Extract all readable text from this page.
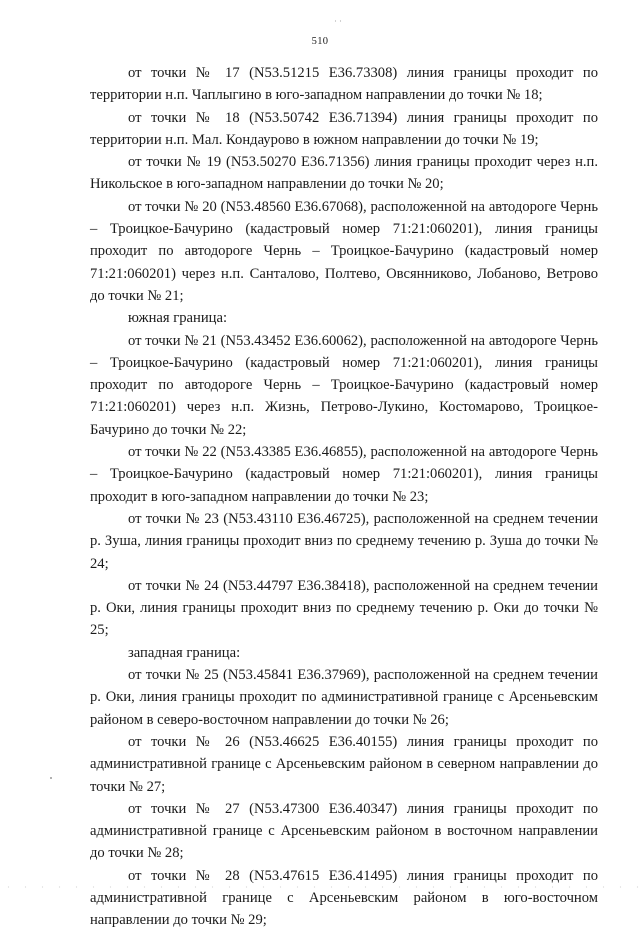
510

от точки № 17 (N53.51215 E36.73308) линия границы проходит по территории н.п. Чаплыгино в юго-западном направлении до точки № 18;

от точки № 18 (N53.50742 E36.71394) линия границы проходит по территории н.п. Мал. Кондаурово в южном направлении до точки № 19;

от точки № 19 (N53.50270 E36.71356) линия границы проходит через н.п. Никольское в юго-западном направлении до точки № 20;

от точки № 20 (N53.48560 E36.67068), расположенной на автодороге Чернь – Троицкое-Бачурино (кадастровый номер 71:21:060201), линия границы проходит по автодороге Чернь – Троицкое-Бачурино (кадастровый номер 71:21:060201) через н.п. Санталово, Полтево, Овсянниково, Лобаново, Ветрово до точки № 21;

южная граница:

от точки № 21 (N53.43452 E36.60062), расположенной на автодороге Чернь – Троицкое-Бачурино (кадастровый номер 71:21:060201), линия границы проходит по автодороге Чернь – Троицкое-Бачурино (кадастровый номер 71:21:060201) через н.п. Жизнь, Петрово-Лукино, Костомарово, Троицкое-Бачурино до точки № 22;

от точки № 22 (N53.43385 E36.46855), расположенной на автодороге Чернь – Троицкое-Бачурино (кадастровый номер 71:21:060201), линия границы проходит в юго-западном направлении до точки № 23;

от точки № 23 (N53.43110 E36.46725), расположенной на среднем течении р. Зуша, линия границы проходит вниз по среднему течению р. Зуша до точки № 24;

от точки № 24 (N53.44797 E36.38418), расположенной на среднем течении р. Оки, линия границы проходит вниз по среднему течению р. Оки до точки № 25;

западная граница:

от точки № 25 (N53.45841 E36.37969), расположенной на среднем течении р. Оки, линия границы проходит по административной границе с Арсеньевским районом в северо-восточном направлении до точки № 26;

от точки № 26 (N53.46625 E36.40155) линия границы проходит по административной границе с Арсеньевским районом в северном направлении до точки № 27;

от точки № 27 (N53.47300 E36.40347) линия границы проходит по административной границе с Арсеньевским районом в восточном направлении до точки № 28;

от точки № 28 (N53.47615 E36.41495) линия границы проходит по административной границе с Арсеньевским районом в юго-восточном направлении до точки № 29;
